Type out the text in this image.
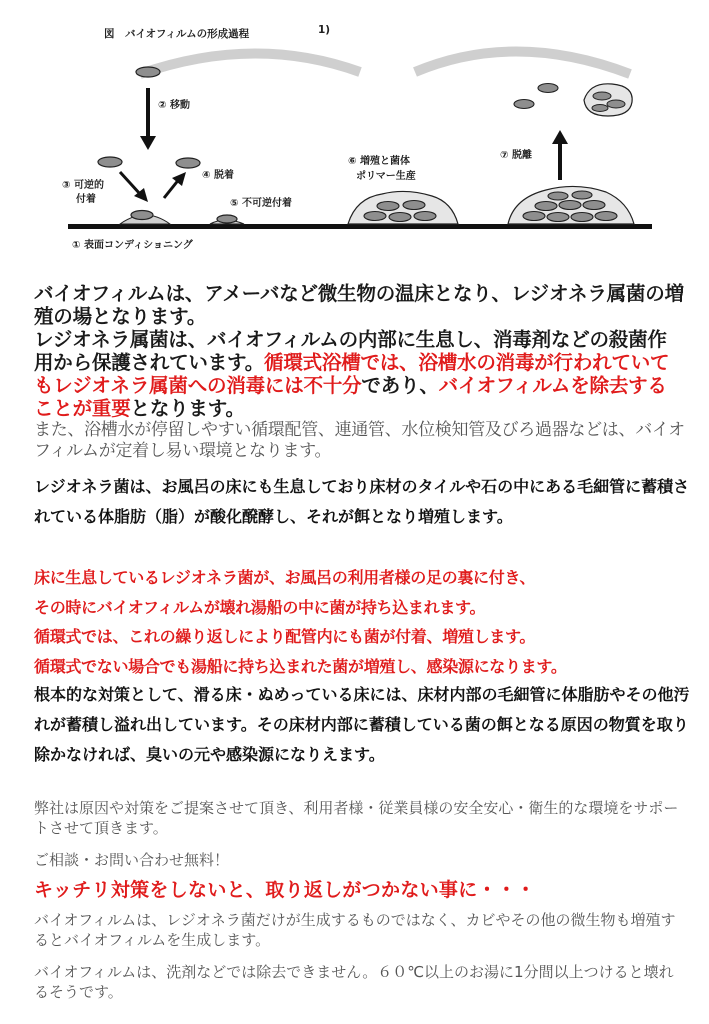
図　バイオフィルムの形成過程	1)
② 移動
③ 可逆的
付着
④ 脱着
⑤ 不可逆付着
⑥ 増殖と菌体
ポリマー生産
⑦ 脱離
① 表面コンディショニング

バイオフィルムは、アメーバなど微生物の温床となり、レジオネラ属菌の増殖の場となります。
レジオネラ属菌は、バイオフィルムの内部に生息し、消毒剤などの殺菌作用から保護されています。循環式浴槽では、浴槽水の消毒が行われていてもレジオネラ属菌への消毒には不十分であり、バイオフィルムを除去することが重要となります。

また、浴槽水が停留しやすい循環配管、連通管、水位検知管及びろ過器などは、バイオフィルムが定着し易い環境となります。

レジオネラ菌は、お風呂の床にも生息しており床材のタイルや石の中にある毛細管に蓄積されている体脂肪（脂）が酸化醗酵し、それが餌となり増殖します。

床に生息しているレジオネラ菌が、お風呂の利用者様の足の裏に付き、
その時にバイオフィルムが壊れ湯船の中に菌が持ち込まれます。
循環式では、これの繰り返しにより配管内にも菌が付着、増殖します。
循環式でない場合でも湯船に持ち込まれた菌が増殖し、感染源になります。

根本的な対策として、滑る床・ぬめっている床には、床材内部の毛細管に体脂肪やその他汚れが蓄積し溢れ出しています。その床材内部に蓄積している菌の餌となる原因の物質を取り除かなければ、臭いの元や感染源になりえます。

弊社は原因や対策をご提案させて頂き、利用者様・従業員様の安全安心・衛生的な環境をサポートさせて頂きます。

ご相談・お問い合わせ無料！

キッチリ対策をしないと、取り返しがつかない事に・・・

バイオフィルムは、レジオネラ菌だけが生成するものではなく、カビやその他の微生物も増殖するとバイオフィルムを生成します。

バイオフィルムは、洗剤などでは除去できません。６０℃以上のお湯に1分間以上つけると壊れるそうです。
